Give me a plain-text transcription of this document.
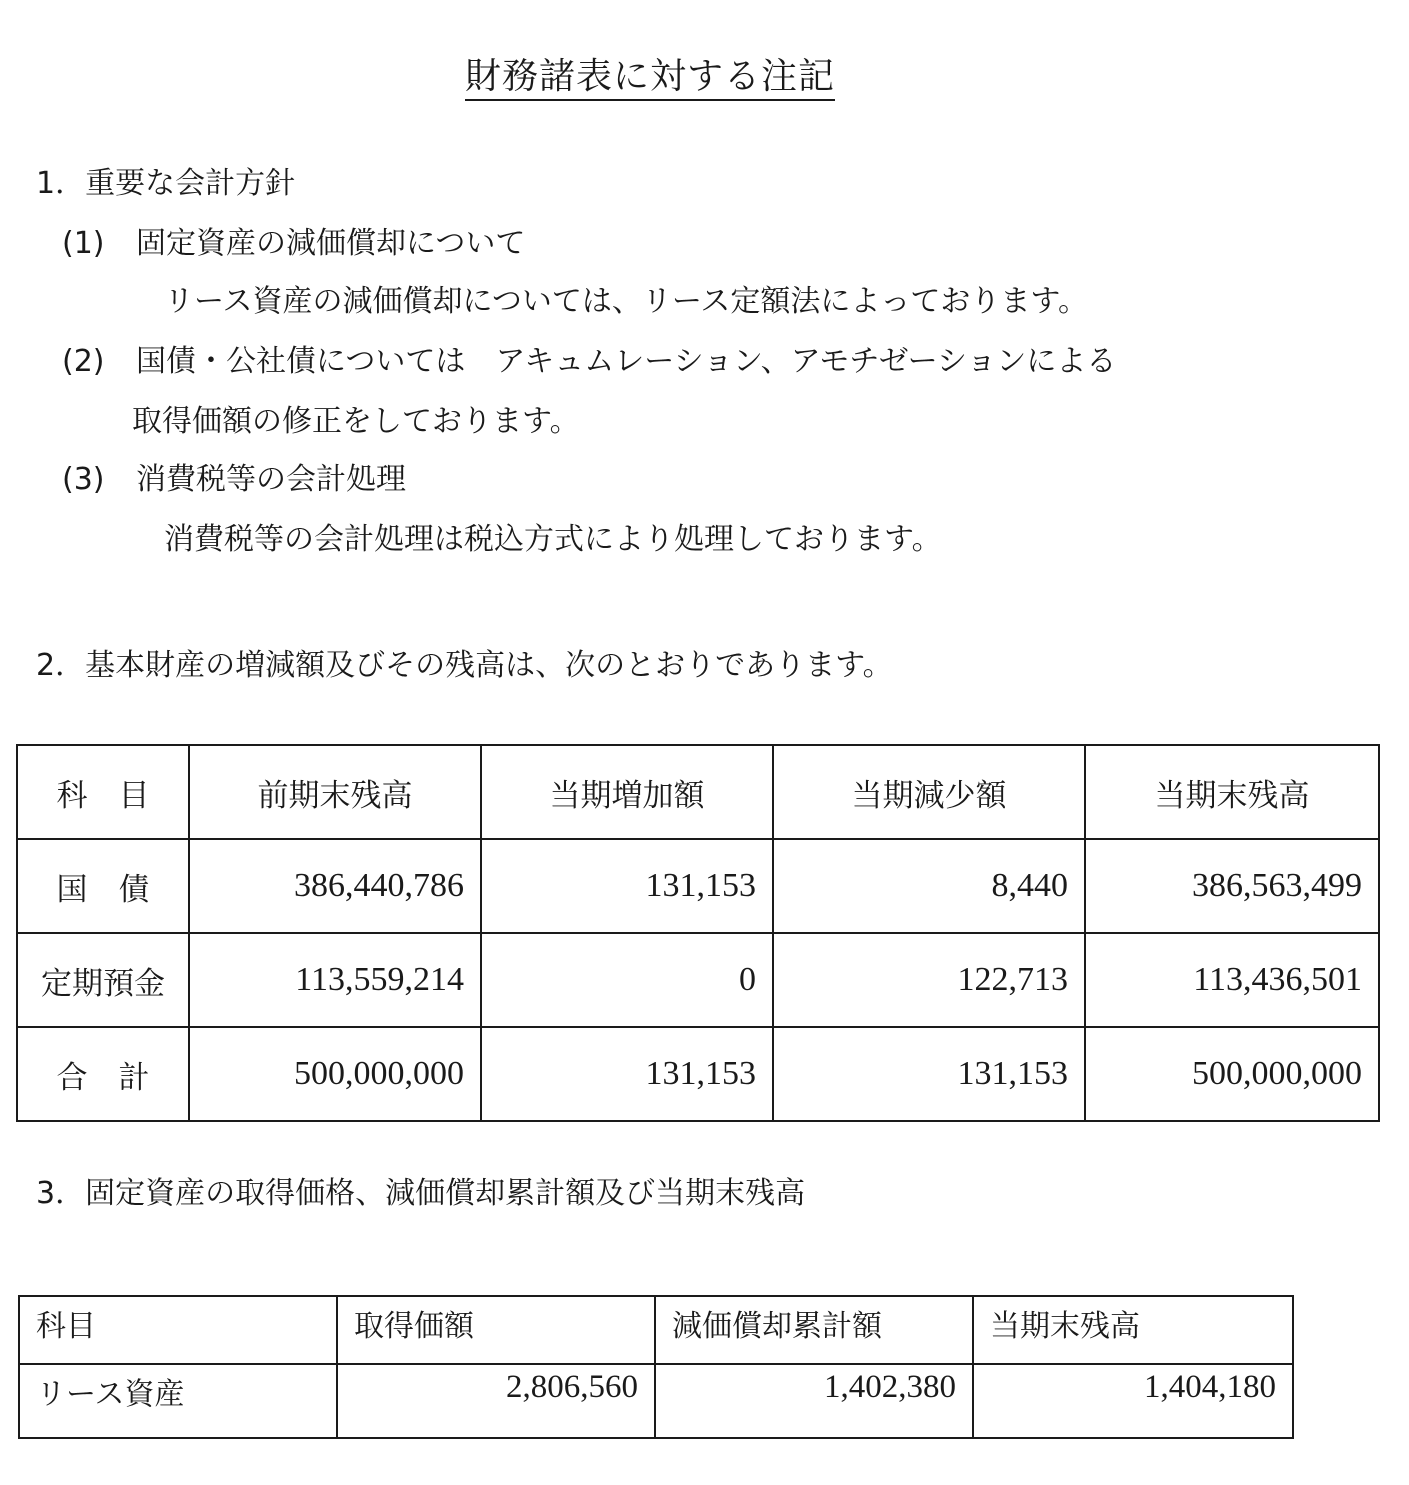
財務諸表に対する注記
1．重要な会計方針
(1) 固定資産の減価償却について
リース資産の減価償却については、リース定額法によっております。
(2) 国債・公社債については　アキュムレーション、アモチゼーションによる
取得価額の修正をしております。
(3) 消費税等の会計処理
消費税等の会計処理は税込方式により処理しております。
2．基本財産の増減額及びその残高は、次のとおりであります。
科　目	前期末残高	当期増加額	当期減少額	当期末残高
国　債	386,440,786	131,153	8,440	386,563,499
定期預金	113,559,214	0	122,713	113,436,501
合　計	500,000,000	131,153	131,153	500,000,000
3．固定資産の取得価格、減価償却累計額及び当期末残高
科目	取得価額	減価償却累計額	当期末残高
リース資産	2,806,560	1,402,380	1,404,180
